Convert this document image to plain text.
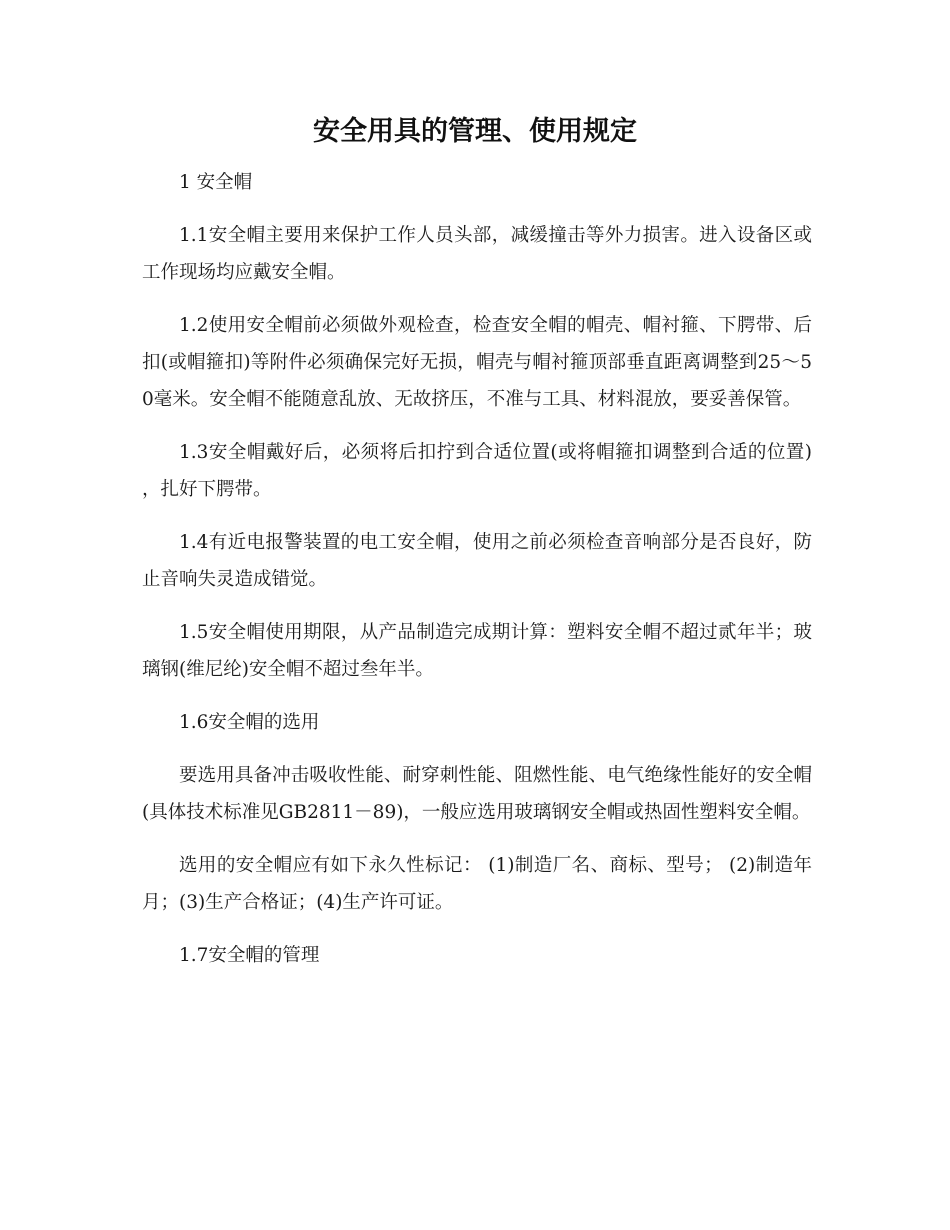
安全用具的管理、使用规定

1 安全帽

1.1安全帽主要用来保护工作人员头部，减缓撞击等外力损害。进入设备区或工作现场均应戴安全帽。

1.2使用安全帽前必须做外观检查，检查安全帽的帽壳、帽衬箍、下腭带、后扣(或帽箍扣)等附件必须确保完好无损，帽壳与帽衬箍顶部垂直距离调整到25～50毫米。安全帽不能随意乱放、无故挤压，不准与工具、材料混放，要妥善保管。

1.3安全帽戴好后，必须将后扣拧到合适位置(或将帽箍扣调整到合适的位置)，扎好下腭带。

1.4有近电报警装置的电工安全帽，使用之前必须检查音响部分是否良好，防止音响失灵造成错觉。

1.5安全帽使用期限，从产品制造完成期计算：塑料安全帽不超过贰年半；玻璃钢(维尼纶)安全帽不超过叁年半。

1.6安全帽的选用

要选用具备冲击吸收性能、耐穿刺性能、阻燃性能、电气绝缘性能好的安全帽(具体技术标准见GB2811－89)，一般应选用玻璃钢安全帽或热固性塑料安全帽。

选用的安全帽应有如下永久性标记： (1)制造厂名、商标、型号； (2)制造年月；(3)生产合格证；(4)生产许可证。

1.7安全帽的管理
